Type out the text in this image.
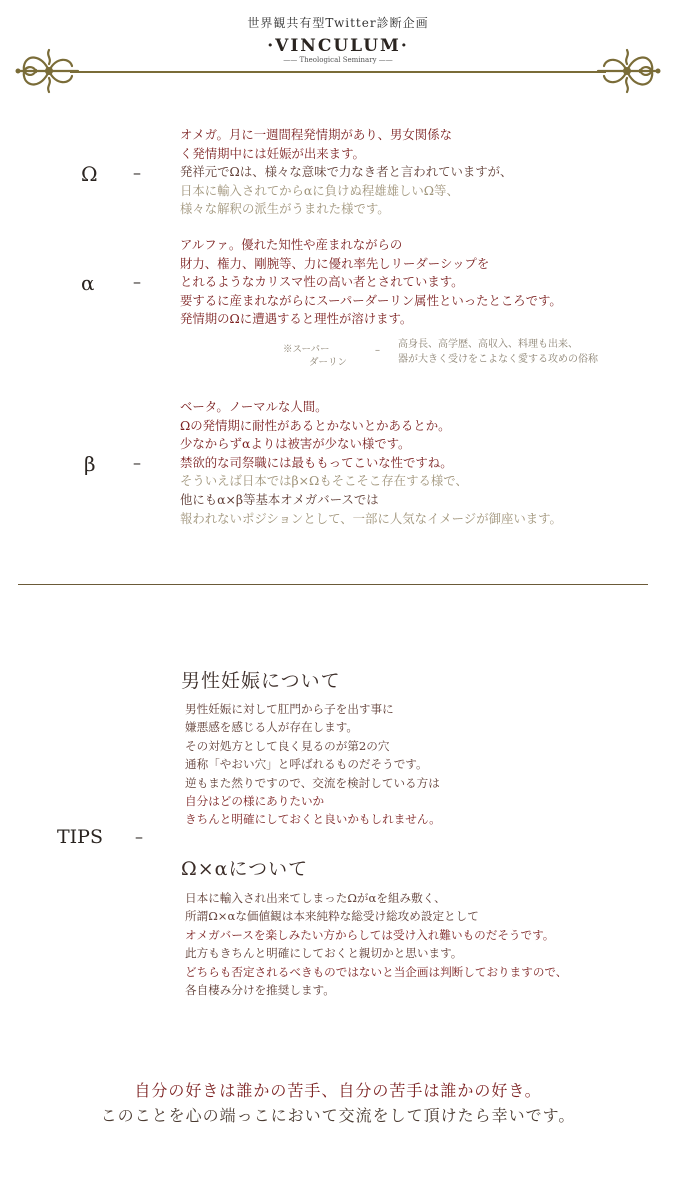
世界観共有型Twitter診断企画
·VINCULUM·
—— Theological Seminary ——
Ω –

オメガ。月に一週間程発情期があり、男女関係な

く発情期中には妊娠が出来ます。

発祥元でΩは、様々な意味で力なき者と言われていますが、

日本に輸入されてからαに負けぬ程雄雄しいΩ等、

様々な解釈の派生がうまれた様です。

α –

アルファ。優れた知性や産まれながらの

財力、権力、剛腕等、力に優れ率先しリーダーシップを

とれるようなカリスマ性の高い者とされています。

要するに産まれながらにスーパーダーリン属性といったところです。

発情期のΩに遭遇すると理性が溶けます。

※スーパー
ダーリン
–
高身長、高学歴、高収入、料理も出来、
器が大きく受けをこよなく愛する攻めの俗称
β –

ベータ。ノーマルな人間。

Ωの発情期に耐性があるとかないとかあるとか。

少なからずαよりは被害が少ない様です。

禁欲的な司祭職には最ももってこいな性ですね。

そういえば日本ではβ×Ωもそこそこ存在する様で、

他にもα×β等基本オメガバースでは

報われないポジションとして、一部に人気なイメージが御座います。

TIPS –
男性妊娠について

男性妊娠に対して肛門から子を出す事に

嫌悪感を感じる人が存在します。

その対処方として良く見るのが第2の穴

通称「やおい穴」と呼ばれるものだそうです。

逆もまた然りですので、交流を検討している方は

自分はどの様にありたいか

きちんと明確にしておくと良いかもしれません。

Ω×αについて

日本に輸入され出来てしまったΩがαを組み敷く、

所謂Ω×αな価値観は本来純粋な総受け総攻め設定として

オメガバースを楽しみたい方からしては受け入れ難いものだそうです。

此方もきちんと明確にしておくと親切かと思います。

どちらも否定されるべきものではないと当企画は判断しておりますので、

各自棲み分けを推奨します。

自分の好きは誰かの苦手、自分の苦手は誰かの好き。
このことを心の端っこにおいて交流をして頂けたら幸いです。
